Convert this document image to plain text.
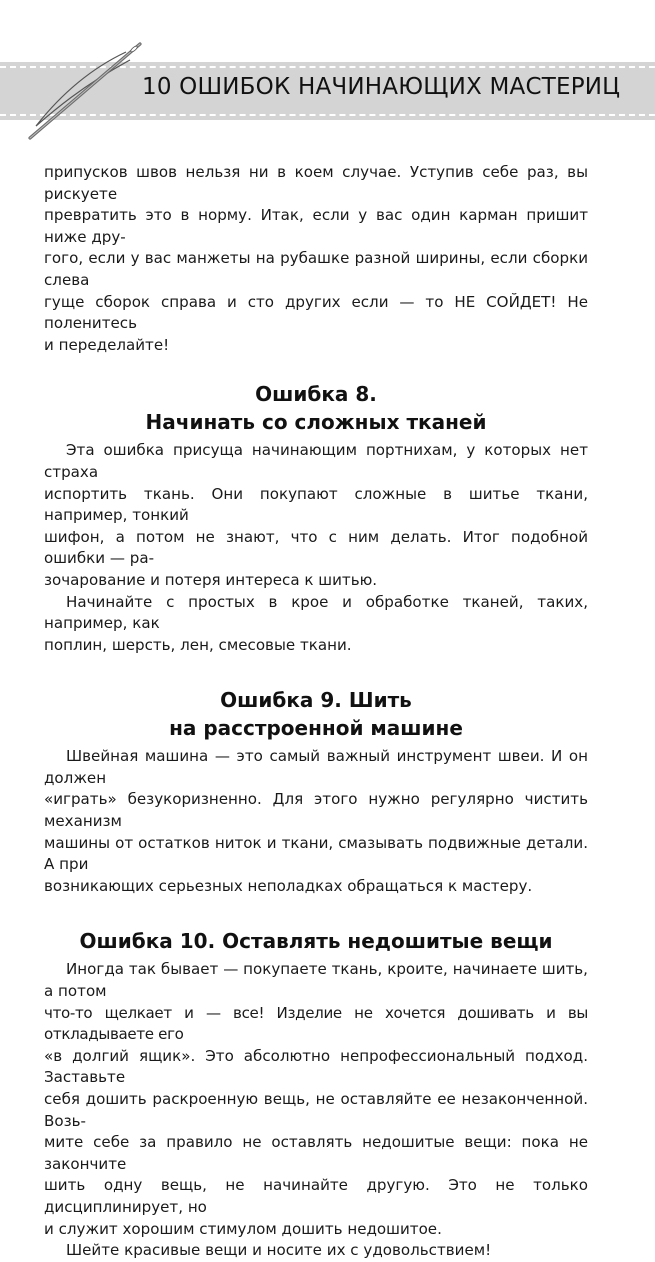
10 ОШИБОК НАЧИНАЮЩИХ МАСТЕРИЦ

припусков швов нельзя ни в коем случае. Уступив себе раз, вы рискуете

превратить это в норму. Итак, если у вас один карман пришит ниже дру-

гого, если у вас манжеты на рубашке разной ширины, если сборки слева

гуще сборок справа и сто других если — то НЕ СОЙДЕТ! Не поленитесь

и переделайте!

Ошибка 8.
Начинать со сложных тканей

Эта ошибка присуща начинающим портнихам, у которых нет страха

испортить ткань. Они покупают сложные в шитье ткани, например, тонкий

шифон, а потом не знают, что с ним делать. Итог подобной ошибки — ра-

зочарование и потеря интереса к шитью.

Начинайте с простых в крое и обработке тканей, таких, например, как

поплин, шерсть, лен, смесовые ткани.

Ошибка 9. Шить
на расстроенной машине

Швейная машина — это самый важный инструмент швеи. И он должен

«играть» безукоризненно. Для этого нужно регулярно чистить механизм

машины от остатков ниток и ткани, смазывать подвижные детали. А при

возникающих серьезных неполадках обращаться к мастеру.

Ошибка 10. Оставлять недошитые вещи

Иногда так бывает — покупаете ткань, кроите, начинаете шить, а потом

что-то щелкает и — все! Изделие не хочется дошивать и вы откладываете его

«в долгий ящик». Это абсолютно непрофессиональный подход. Заставьте

себя дошить раскроенную вещь, не оставляйте ее незаконченной. Возь-

мите себе за правило не оставлять недошитые вещи: пока не закончите

шить одну вещь, не начинайте другую. Это не только дисциплинирует, но

и служит хорошим стимулом дошить недошитое.

Шейте красивые вещи и носите их с удовольствием!
